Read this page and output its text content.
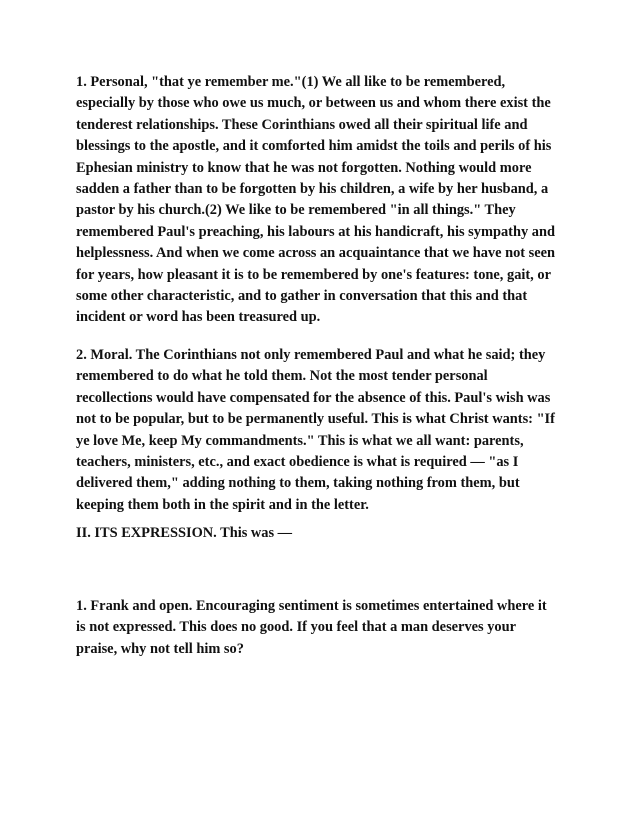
1. Personal, "that ye remember me."(1) We all like to be remembered,
especially by those who owe us much, or between us and whom there exist the
tenderest relationships. These Corinthians owed all their spiritual life and
blessings to the apostle, and it comforted him amidst the toils and perils of his
Ephesian ministry to know that he was not forgotten. Nothing would more
sadden a father than to be forgotten by his children, a wife by her husband, a
pastor by his church.(2) We like to be remembered "in all things." They
remembered Paul's preaching, his labours at his handicraft, his sympathy and
helplessness. And when we come across an acquaintance that we have not seen
for years, how pleasant it is to be remembered by one's features: tone, gait, or
some other characteristic, and to gather in conversation that this and that
incident or word has been treasured up.

2. Moral. The Corinthians not only remembered Paul and what he said; they
remembered to do what he told them. Not the most tender personal
recollections would have compensated for the absence of this. Paul's wish was
not to be popular, but to be permanently useful. This is what Christ wants: "If
ye love Me, keep My commandments." This is what we all want: parents,
teachers, ministers, etc., and exact obedience is what is required — "as I
delivered them," adding nothing to them, taking nothing from them, but
keeping them both in the spirit and in the letter.

II. ITS EXPRESSION. This was —

1. Frank and open. Encouraging sentiment is sometimes entertained where it
is not expressed. This does no good. If you feel that a man deserves your
praise, why not tell him so?
